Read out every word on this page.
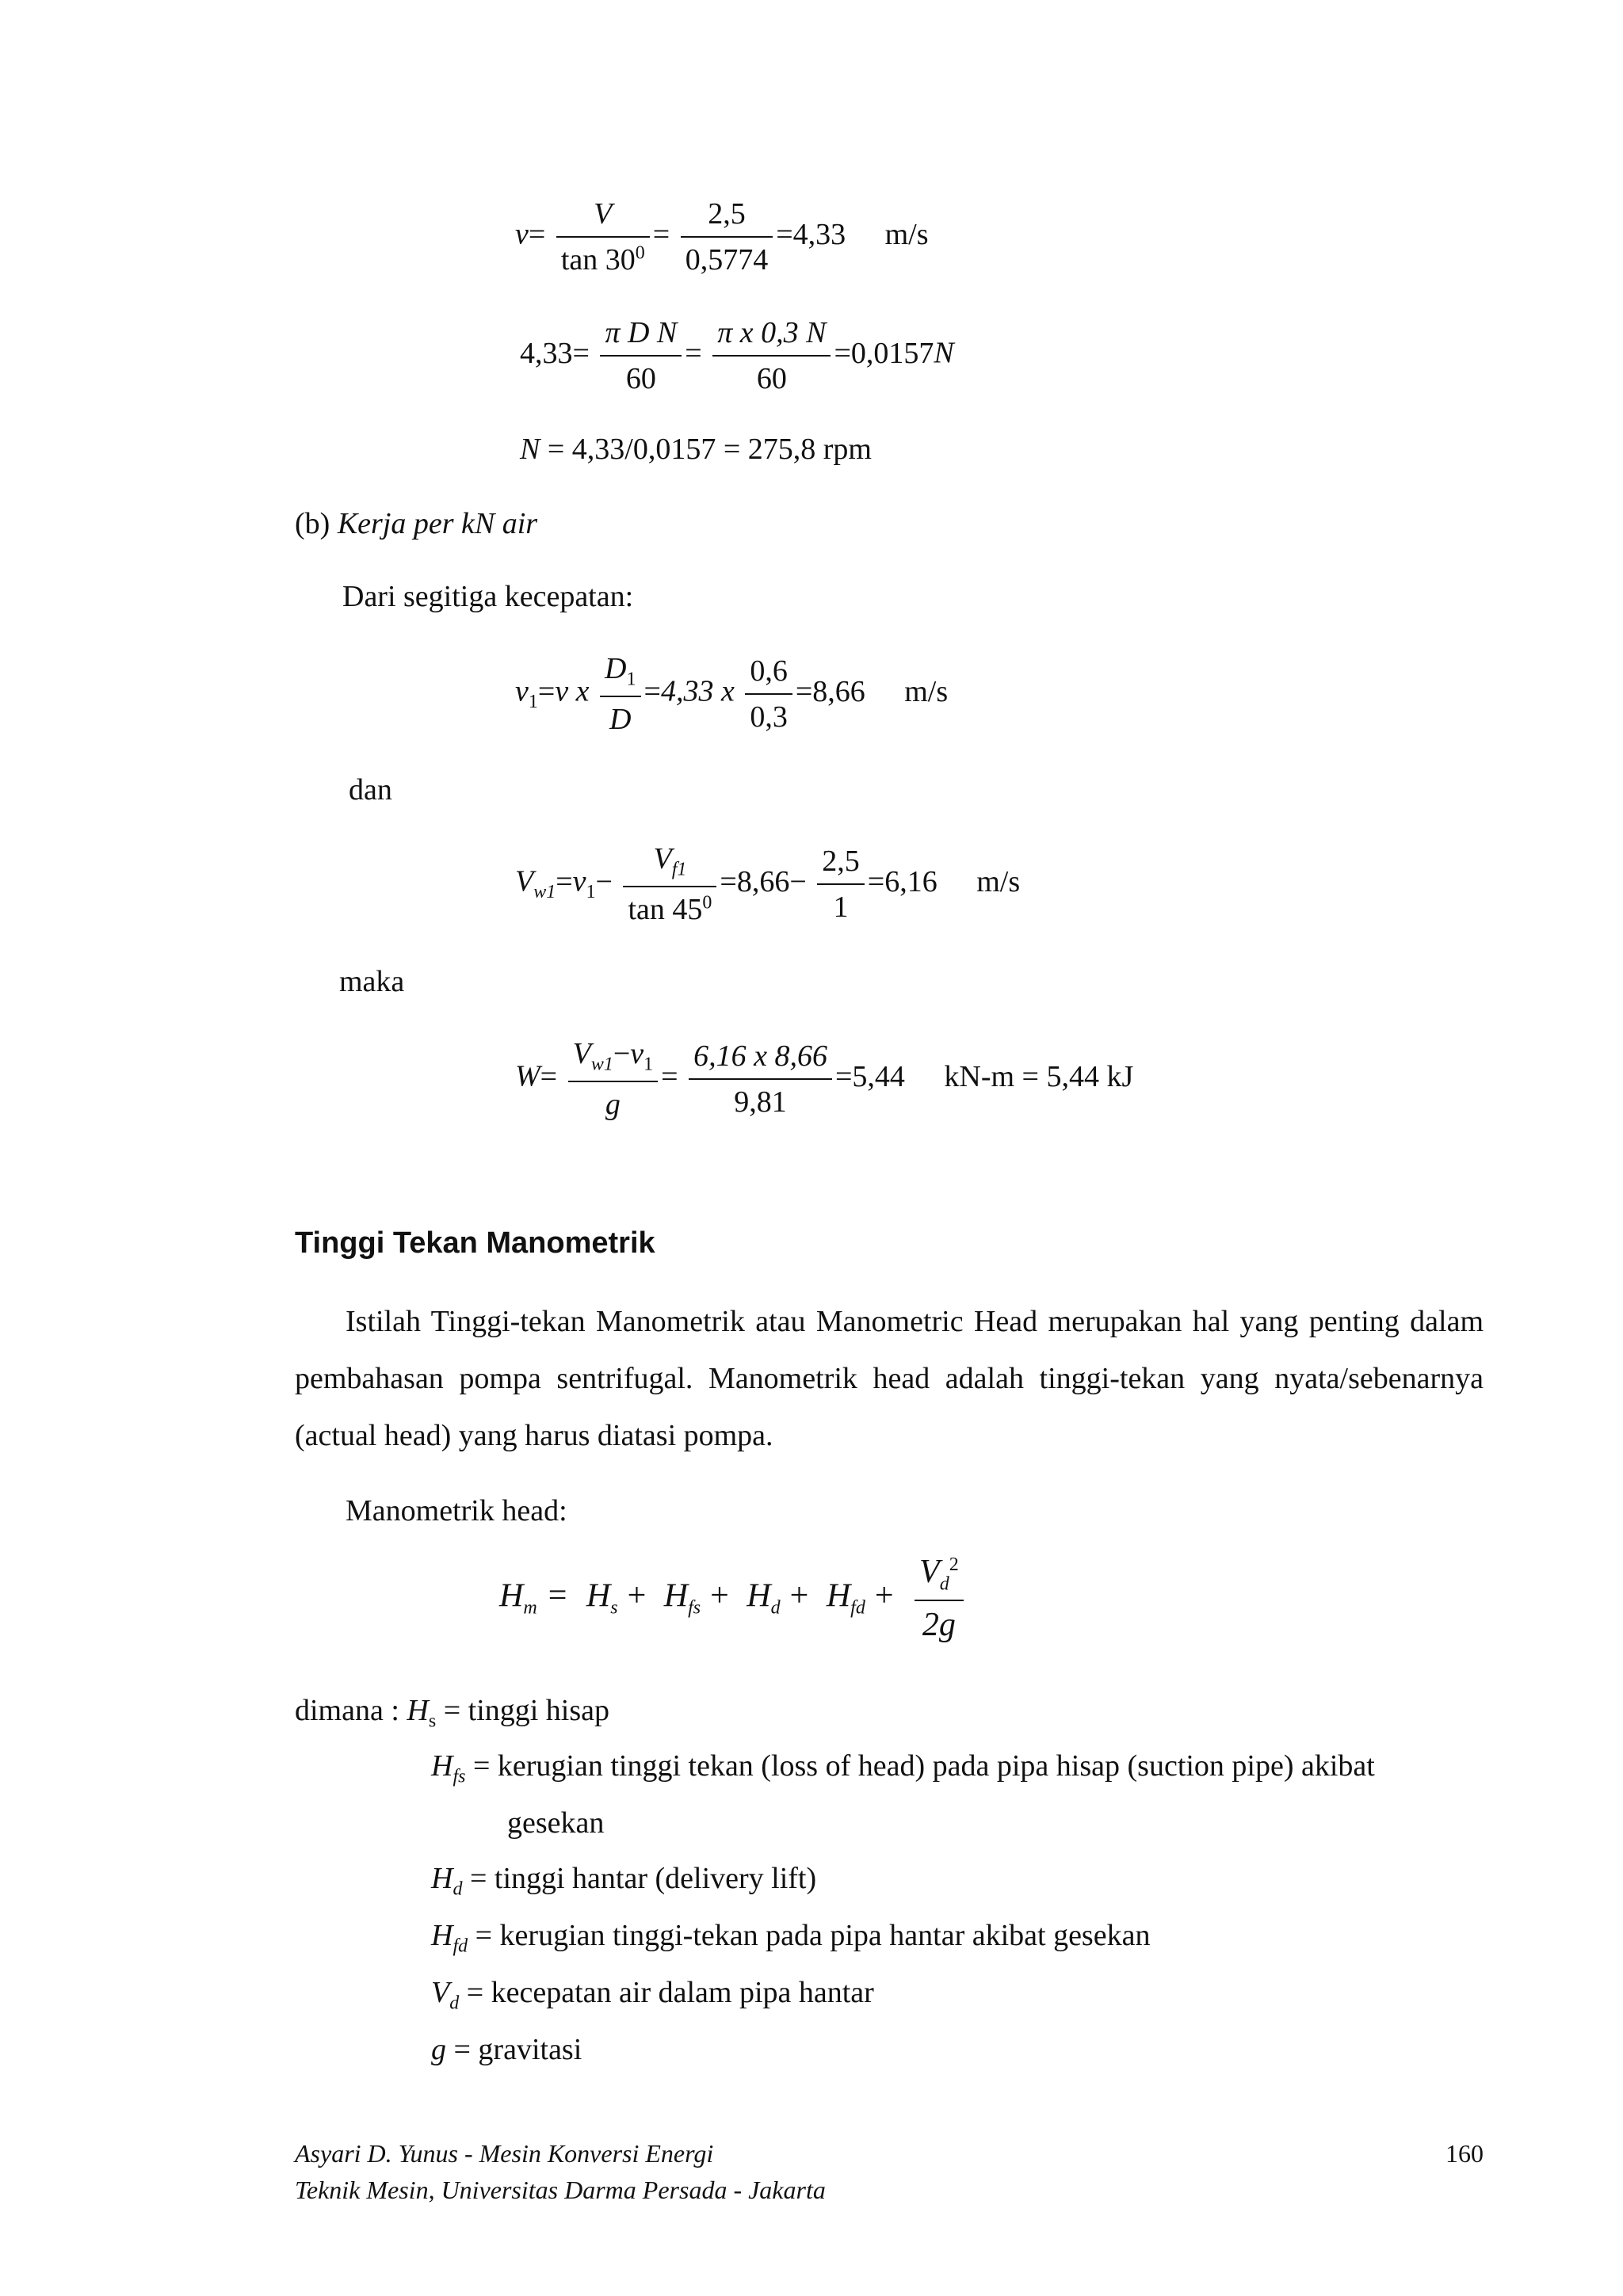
$v= \frac{V}{\tan 30^0} = \frac{2,5}{0,5774} =4,33$ m/s
$4,33= \frac{\text{π D N}}{60} = \frac{\text{π x 0,3 N}}{60} =0,0157N$
N = 4,33/0,0157 = 275,8 rpm
(b) Kerja per kN air
Dari segitiga kecepatan:
$v_1=v$ x $\frac{D_1}{D} =4,33$ x $\frac{0,6}{0,3} =8,66$ m/s
dan
$V_{w1}=v_1- \frac{V_{f1}}{\tan 45^0} =8,66- \frac{2,5}{1} =6,16$ m/s
maka
$W= \frac{V_{w1}-v_1}{g} = \frac{6,16 x 8,66}{9,81} =5,44$ kN-m = 5,44 kJ
Tinggi Tekan Manometrik
Istilah Tinggi-tekan Manometrik atau Manometric Head merupakan hal yang penting dalam pembahasan pompa sentrifugal. Manometrik head adalah tinggi-tekan yang nyata/sebenarnya (actual head) yang harus diatasi pompa.
Manometrik head:
$H_m = H_s + H_{fs} + H_d + H_{fd} + \frac{V_d^2}{2g}$
dimana : $H_s$ = tinggi hisap
$H_{fs}$ = kerugian tinggi tekan (loss of head) pada pipa hisap (suction pipe) akibat
gesekan
$H_d$ = tinggi hantar (delivery lift)
$H_{fd}$ = kerugian tinggi-tekan pada pipa hantar akibat gesekan
$V_d$ = kecepatan air dalam pipa hantar
g = gravitasi
Asyari D. Yunus - Mesin Konversi Energi
Teknik Mesin, Universitas Darma Persada - Jakarta
160
